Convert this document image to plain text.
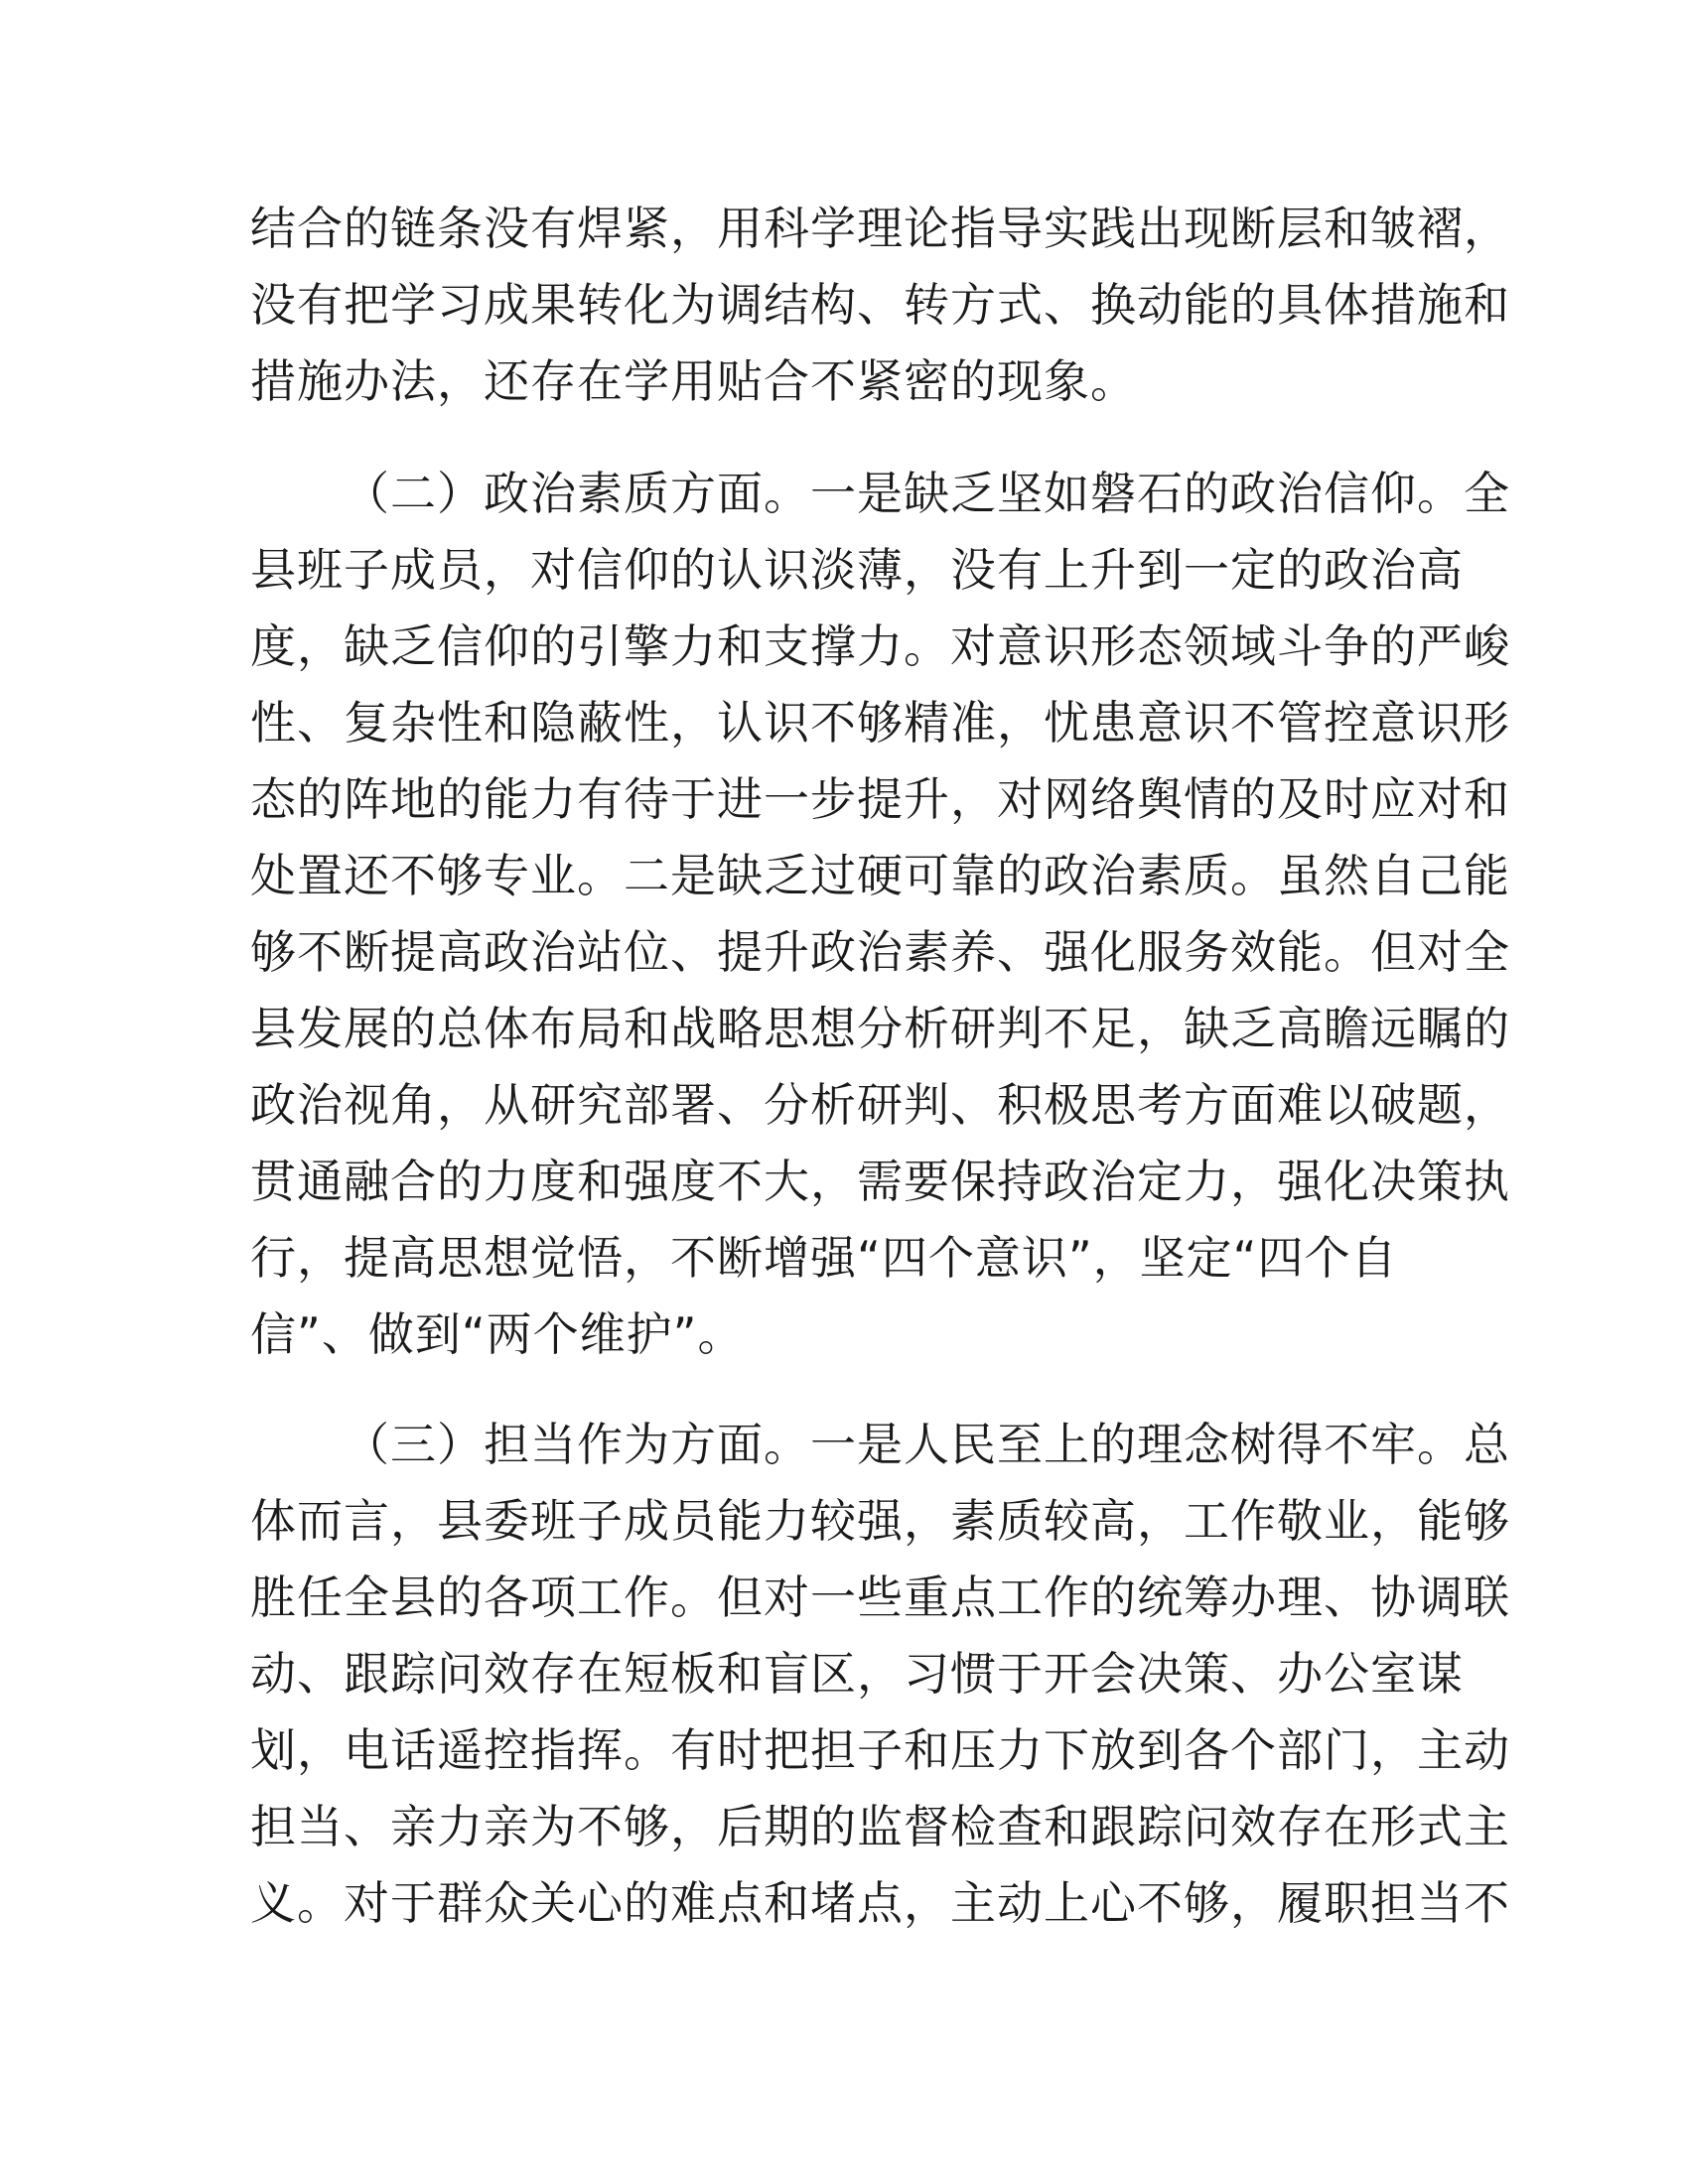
结合的链条没有焊紧，用科学理论指导实践出现断层和皱褶，
没有把学习成果转化为调结构、转方式、换动能的具体措施和
措施办法，还存在学用贴合不紧密的现象。
（二）政治素质方面。一是缺乏坚如磐石的政治信仰。全
县班子成员，对信仰的认识淡薄，没有上升到一定的政治高
度，缺乏信仰的引擎力和支撑力。对意识形态领域斗争的严峻
性、复杂性和隐蔽性，认识不够精准，忧患意识不管控意识形
态的阵地的能力有待于进一步提升，对网络舆情的及时应对和
处置还不够专业。二是缺乏过硬可靠的政治素质。虽然自己能
够不断提高政治站位、提升政治素养、强化服务效能。但对全
县发展的总体布局和战略思想分析研判不足，缺乏高瞻远瞩的
政治视角，从研究部署、分析研判、积极思考方面难以破题，
贯通融合的力度和强度不大，需要保持政治定力，强化决策执
行，提高思想觉悟，不断增强“四个意识”，坚定“四个自
信”、做到“两个维护”。
（三）担当作为方面。一是人民至上的理念树得不牢。总
体而言，县委班子成员能力较强，素质较高，工作敬业，能够
胜任全县的各项工作。但对一些重点工作的统筹办理、协调联
动、跟踪问效存在短板和盲区，习惯于开会决策、办公室谋
划，电话遥控指挥。有时把担子和压力下放到各个部门，主动
担当、亲力亲为不够，后期的监督检查和跟踪问效存在形式主
义。对于群众关心的难点和堵点，主动上心不够，履职担当不
